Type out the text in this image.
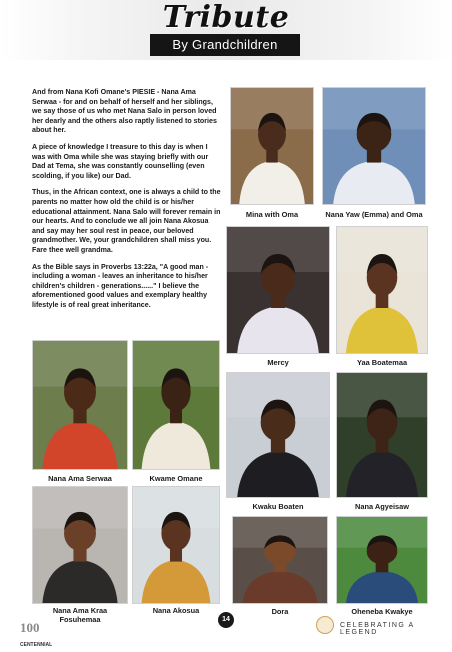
Tribute
By Grandchildren

And from Nana Kofi Omane's PIESIE - Nana Ama Serwaa - for and on behalf of herself and her siblings, we say those of us who met Nana Salo in person loved her dearly and the others also raptly listened to stories about her.

A piece of knowledge I treasure to this day is when I was with Oma while she was staying briefly with our Dad at Tema, she was constantly counselling (even scolding, if you like) our Dad.

Thus, in the African context, one is always a child to the parents no matter how old the child is or his/her educational attainment. Nana Salo will forever remain in our hearts. And to conclude we all join Nana Akosua and say may her soul rest in peace, our beloved grandmother. We, your grandchildren shall miss you. Fare thee well grandma.

As the Bible says in Proverbs 13:22a, "A good man - including a woman - leaves an inheritance to his/her children's children - generations......" I believe the aforementioned good values and exemplary healthy lifestyle is of real great inheritance.

Mina with Oma	Nana Yaw (Emma) and Oma
Mercy	Yaa Boatemaa
Nana Ama Serwaa	Kwame Omane
Kwaku Boaten	Nana Agyeisaw
Nana Ama Kraa Fosuhemaa
Nana Akosua	Dora	Oheneba Kwakye
100 CENTENNIAL
14
CELEBRATING A LEGEND
